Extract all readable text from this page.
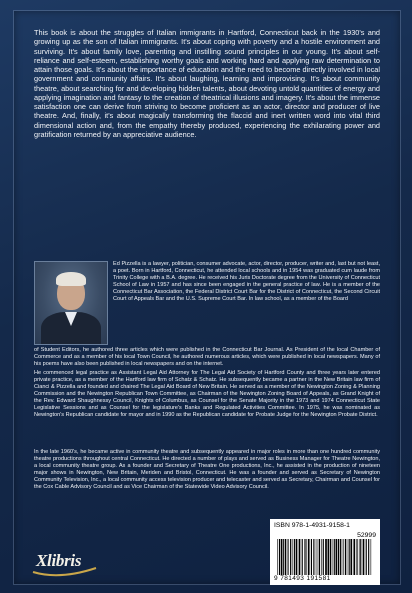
This book is about the struggles of Italian immigrants in Hartford, Connecticut back in the 1930's and growing up as the son of Italian immigrants. It's about coping with poverty and a hostile environment and surviving. It's about family love, parenting and instilling sound principles in our young. It's about self-reliance and self-esteem, establishing worthy goals and working hard and applying raw determination to attain those goals. It's about the importance of education and the need to become directly involved in local government and community affairs. It's about laughing, learning and improvising. It's about community theatre, about searching for and developing hidden talents, about devoting untold quantities of energy and applying imagination and fantasy to the creation of theatrical illusions and imagery. It's about the immense satisfaction one can derive from striving to become proficient as an actor, director and producer of live theatre. And, finally, it's about magically transforming the flaccid and inert written word into vital third dimensional action and, from the empathy thereby produced, experiencing the exhilarating power and gratification returned by an appreciative audience.

Ed Pizzella is a lawyer, politician, consumer advocate, actor, director, producer, writer and, last but not least, a poet. Born in Hartford, Connecticut, he attended local schools and in 1954 was graduated cum laude from Trinity College with a B.A. degree. He received his Juris Doctorate degree from the University of Connecticut School of Law in 1957 and has since been engaged in the general practice of law. He is a member of the Connecticut Bar Association, the Federal District Court Bar for the District of Connecticut, the Second Circuit Court of Appeals Bar and the U.S. Supreme Court Bar. In law school, as a member of the Board

of Student Editors, he authored three articles which were published in the Connecticut Bar Journal. As President of the local Chamber of Commerce and as a member of his local Town Council, he authored numerous articles, which were published in local newspapers. Many of his poems have also been published in local newspapers and on the internet.

He commenced legal practice as Assistant Legal Aid Attorney for The Legal Aid Society of Hartford County and three years later entered private practice, as a member of the Hartford law firm of Schatz & Schatz. He subsequently became a partner in the New Britain law firm of Cianci & Pizzella and founded and chaired The Legal Aid Board of New Britain. He served as a member of the Newington Zoning & Planning Commission and the Newington Republican Town Committee, as Chairman of the Newington Zoning Board of Appeals, as Grand Knight of the Rev. Edward Shaughnessy Council, Knights of Columbus, as Counsel for the Senate Majority in the 1973 and 1974 Connecticut State Legislative Sessions and as Counsel for the legislature's Banks and Regulated Activities Committee. In 1975, he was nominated as Newington's Republican candidate for mayor and in 1990 as the Republican candidate for Probate Judge for the Newington Probate District.

In the late 1960's, he became active in community theatre and subsequently appeared in major roles in more than one hundred community theatre productions throughout central Connecticut. He directed a number of plays and served as Business Manager for Theatre Newington, a local community theatre group. As a founder and Secretary of Theatre One productions, Inc., he assisted in the production of nineteen major shows in Newington, New Britain, Meriden and Bristol, Connecticut. He was a founder and served as Secretary of Newington Community Television, Inc., a local community access television producer and telecaster and served as Secretary, Chairman and Counsel for the Cox Cable Advisory Council and as Vice Chairman of the Statewide Video Advisory Council.

Xlibris
ISBN 978-1-4931-9158-1
52999
9 781493 191581
